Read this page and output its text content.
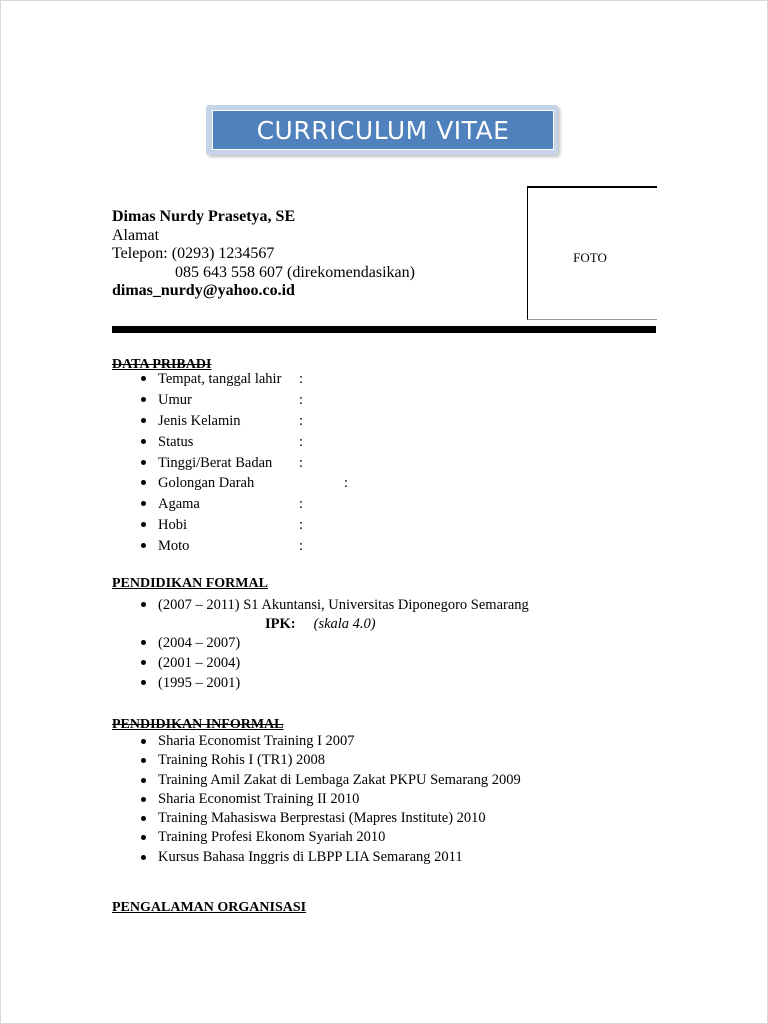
CURRICULUM VITAE
Dimas Nurdy Prasetya, SE
Alamat
Telepon: (0293) 1234567
085 643 558 607 (direkomendasikan)
dimas_nurdy@yahoo.co.id
FOTO
DATA PRIBADI
Tempat, tanggal lahir :
Umur	:
Jenis Kelamin	:
Status	:
Tinggi/Berat Badan :
Golongan Darah	:
Agama	:
Hobi	:
Moto	:
PENDIDIKAN FORMAL
(2007 – 2011) S1 Akuntansi, Universitas Diponegoro Semarang
IPK: (skala 4.0)
(2004 – 2007)
(2001 – 2004)
(1995 – 2001)
PENDIDIKAN INFORMAL
Sharia Economist Training I 2007
Training Rohis I (TR1) 2008
Training Amil Zakat di Lembaga Zakat PKPU Semarang 2009
Sharia Economist Training II 2010
Training Mahasiswa Berprestasi (Mapres Institute) 2010
Training Profesi Ekonom Syariah 2010
Kursus Bahasa Inggris di LBPP LIA Semarang 2011
PENGALAMAN ORGANISASI
